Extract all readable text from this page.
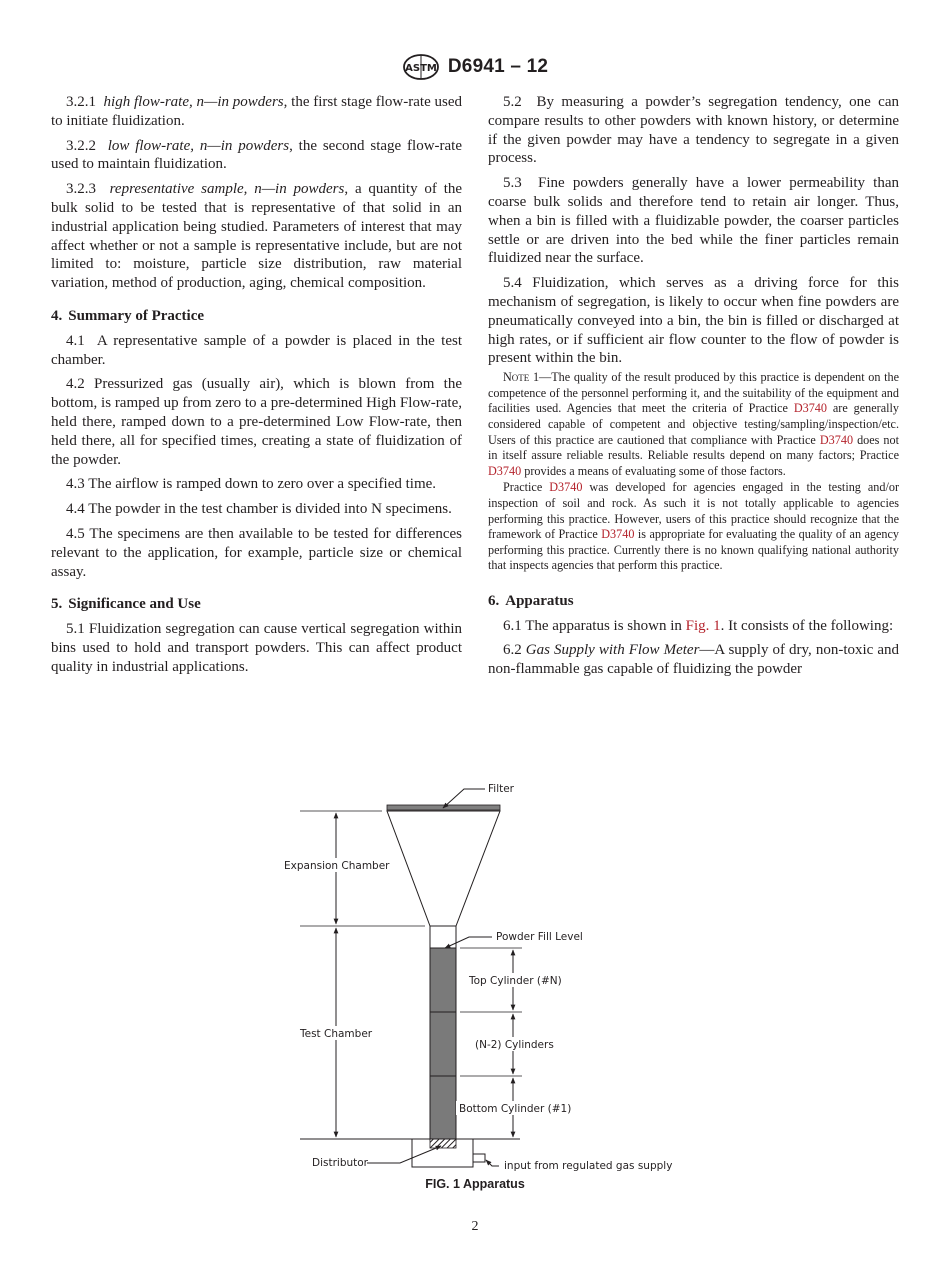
ASTM D6941 – 12

3.2.1 high flow-rate, n—in powders, the first stage flow-rate used to initiate fluidization.

3.2.2 low flow-rate, n—in powders, the second stage flow-rate used to maintain fluidization.

3.2.3 representative sample, n—in powders, a quantity of the bulk solid to be tested that is representative of that solid in an industrial application being studied. Parameters of interest that may affect whether or not a sample is representative include, but are not limited to: moisture, particle size distribution, raw material variation, method of production, aging, chemical composition.

4. Summary of Practice

4.1 A representative sample of a powder is placed in the test chamber.

4.2 Pressurized gas (usually air), which is blown from the bottom, is ramped up from zero to a pre-determined High Flow-rate, held there, ramped down to a pre-determined Low Flow-rate, then held there, all for specified times, creating a state of fluidization of the powder.

4.3 The airflow is ramped down to zero over a specified time.

4.4 The powder in the test chamber is divided into N specimens.

4.5 The specimens are then available to be tested for differences relevant to the application, for example, particle size or chemical assay.

5. Significance and Use

5.1 Fluidization segregation can cause vertical segregation within bins used to hold and transport powders. This can affect product quality in industrial applications.

5.2 By measuring a powder’s segregation tendency, one can compare results to other powders with known history, or determine if the given powder may have a tendency to segregate in a given process.

5.3 Fine powders generally have a lower permeability than coarse bulk solids and therefore tend to retain air longer. Thus, when a bin is filled with a fluidizable powder, the coarser particles settle or are driven into the bed while the finer particles remain fluidized near the surface.

5.4 Fluidization, which serves as a driving force for this mechanism of segregation, is likely to occur when fine powders are pneumatically conveyed into a bin, the bin is filled or discharged at high rates, or if sufficient air flow counter to the flow of powder is present within the bin.

Note 1—The quality of the result produced by this practice is dependent on the competence of the personnel performing it, and the suitability of the equipment and facilities used. Agencies that meet the criteria of Practice D3740 are generally considered capable of competent and objective testing/sampling/inspection/etc. Users of this practice are cautioned that compliance with Practice D3740 does not in itself assure reliable results. Reliable results depend on many factors; Practice D3740 provides a means of evaluating some of those factors.

Practice D3740 was developed for agencies engaged in the testing and/or inspection of soil and rock. As such it is not totally applicable to agencies performing this practice. However, users of this practice should recognize that the framework of Practice D3740 is appropriate for evaluating the quality of an agency performing this practice. Currently there is no known qualifying national authority that inspects agencies that perform this practice.

6. Apparatus

6.1 The apparatus is shown in Fig. 1. It consists of the following:

6.2 Gas Supply with Flow Meter—A supply of dry, non-toxic and non-flammable gas capable of fluidizing the powder

Filter
Expansion Chamber
Test Chamber
Powder Fill Level
Top Cylinder (#N)
(N-2) Cylinders
Bottom Cylinder (#1)
Distributor	input from regulated gas supply
FIG. 1 Apparatus
2
